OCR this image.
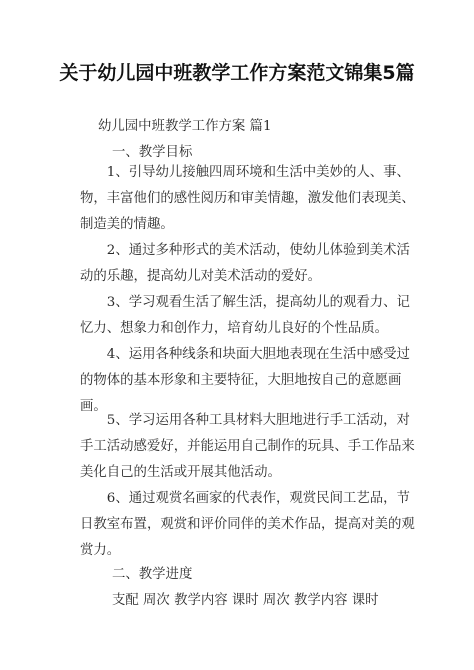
关于幼儿园中班教学工作方案范文锦集5篇
幼儿园中班教学工作方案 篇1
一、教学目标
1、引导幼儿接触四周环境和生活中美妙的人、事、物，丰富他们的感性阅历和审美情趣，激发他们表现美、制造美的情趣。
2、通过多种形式的美术活动，使幼儿体验到美术活动的乐趣，提高幼儿对美术活动的爱好。
3、学习观看生活了解生活，提高幼儿的观看力、记忆力、想象力和创作力，培育幼儿良好的个性品质。
4、运用各种线条和块面大胆地表现在生活中感受过的物体的基本形象和主要特征，大胆地按自己的意愿画画。
5、学习运用各种工具材料大胆地进行手工活动，对手工活动感爱好，并能运用自己制作的玩具、手工作品来美化自己的生活或开展其他活动。
6、通过观赏名画家的代表作，观赏民间工艺品，节日教室布置，观赏和评价同伴的美术作品，提高对美的观赏力。
二、教学进度
支配 周次 教学内容 课时 周次 教学内容 课时
